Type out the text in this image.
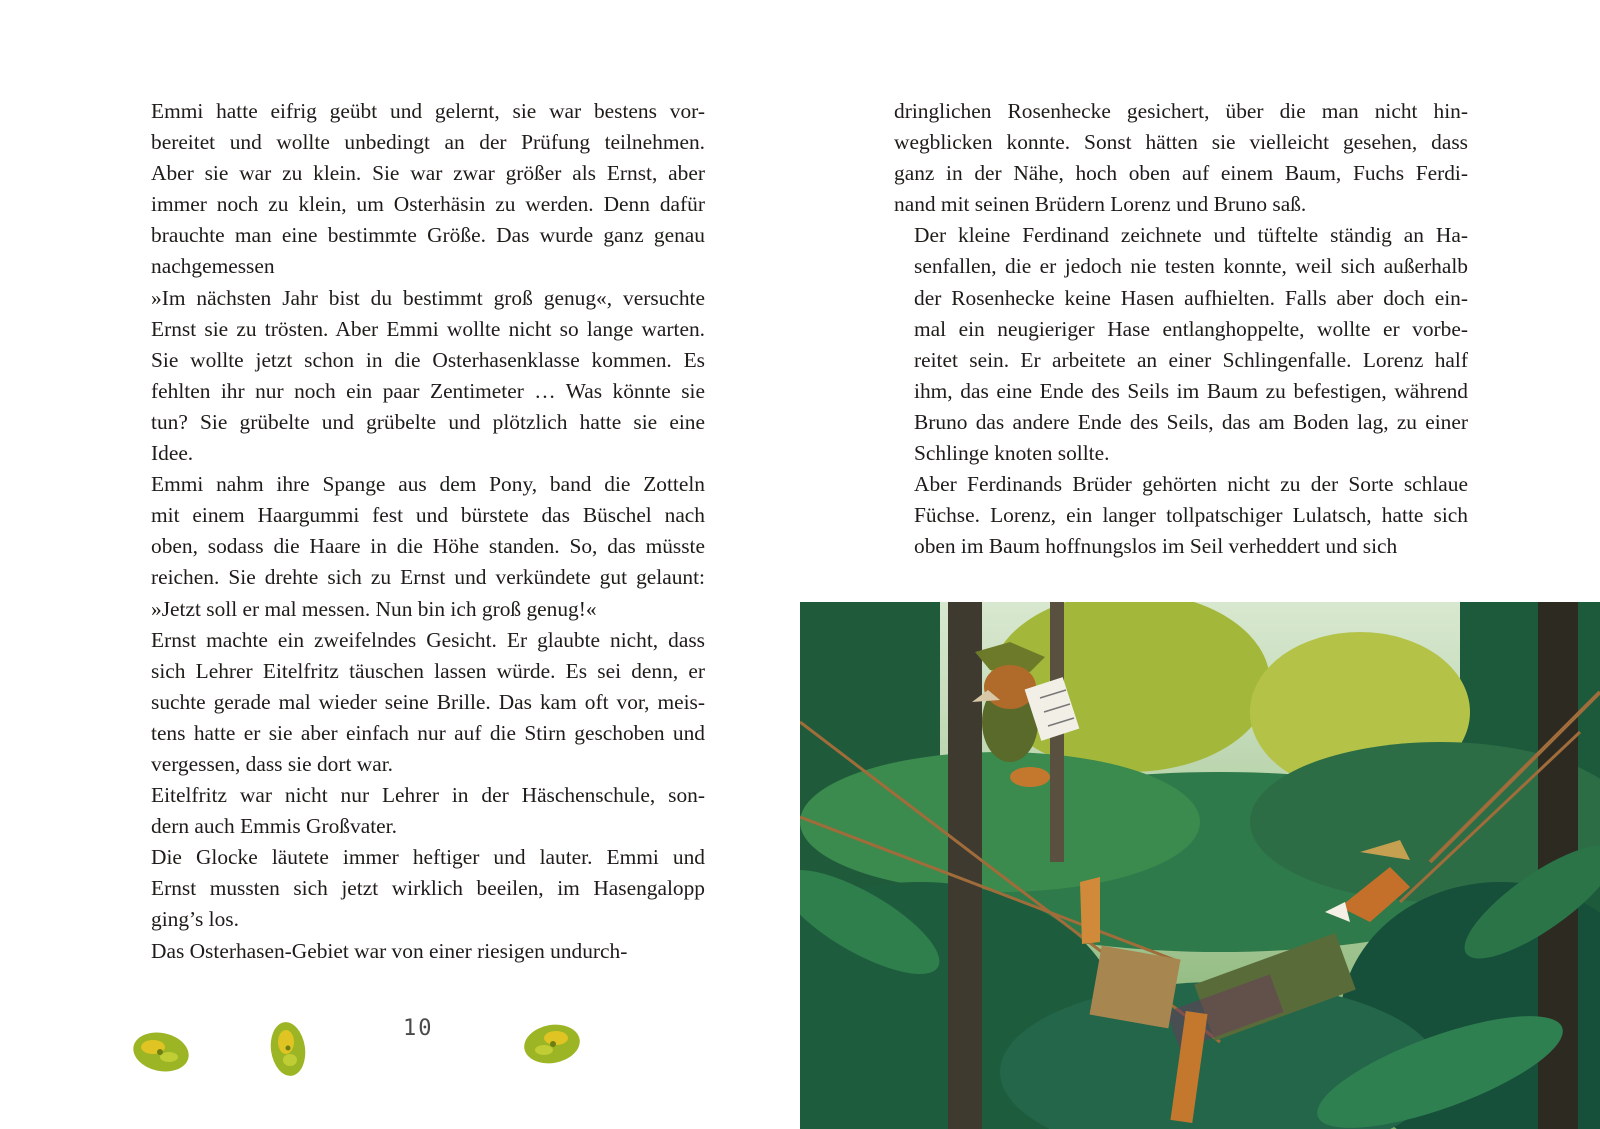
Emmi hatte eifrig geübt und gelernt, sie war bestens vor-
bereitet und wollte unbedingt an der Prüfung teilnehmen.
Aber sie war zu klein. Sie war zwar größer als Ernst, aber
immer noch zu klein, um Osterhäsin zu werden. Denn dafür
brauchte man eine bestimmte Größe. Das wurde ganz genau
nachgemessen
»Im nächsten Jahr bist du bestimmt groß genug«, versuchte
Ernst sie zu trösten. Aber Emmi wollte nicht so lange warten.
Sie wollte jetzt schon in die Osterhasenklasse kommen. Es
fehlten ihr nur noch ein paar Zentimeter … Was könnte sie
tun? Sie grübelte und grübelte und plötzlich hatte sie eine
Idee.
Emmi nahm ihre Spange aus dem Pony, band die Zotteln
mit einem Haargummi fest und bürstete das Büschel nach
oben, sodass die Haare in die Höhe standen. So, das müsste
reichen. Sie drehte sich zu Ernst und verkündete gut gelaunt:
»Jetzt soll er mal messen. Nun bin ich groß genug!«
Ernst machte ein zweifelndes Gesicht. Er glaubte nicht, dass
sich Lehrer Eitelfritz täuschen lassen würde. Es sei denn, er
suchte gerade mal wieder seine Brille. Das kam oft vor, meis-
tens hatte er sie aber einfach nur auf die Stirn geschoben und
vergessen, dass sie dort war.
Eitelfritz war nicht nur Lehrer in der Häschenschule, son-
dern auch Emmis Großvater.
Die Glocke läutete immer heftiger und lauter. Emmi und
Ernst mussten sich jetzt wirklich beeilen, im Hasengalopp
ging’s los.
Das Osterhasen-Gebiet war von einer riesigen undurch-
dringlichen Rosenhecke gesichert, über die man nicht hin-
wegblicken konnte. Sonst hätten sie vielleicht gesehen, dass
ganz in der Nähe, hoch oben auf einem Baum, Fuchs Ferdi-
nand mit seinen Brüdern Lorenz und Bruno saß.
Der kleine Ferdinand zeichnete und tüftelte ständig an Ha-
senfallen, die er jedoch nie testen konnte, weil sich außerhalb
der Rosenhecke keine Hasen aufhielten. Falls aber doch ein-
mal ein neugieriger Hase entlanghoppelte, wollte er vorbe-
reitet sein. Er arbeitete an einer Schlingenfalle. Lorenz half
ihm, das eine Ende des Seils im Baum zu befestigen, während
Bruno das andere Ende des Seils, das am Boden lag, zu einer
Schlinge knoten sollte.
Aber Ferdinands Brüder gehörten nicht zu der Sorte schlaue
Füchse. Lorenz, ein langer tollpatschiger Lulatsch, hatte sich
oben im Baum hoffnungslos im Seil verheddert und sich
10
